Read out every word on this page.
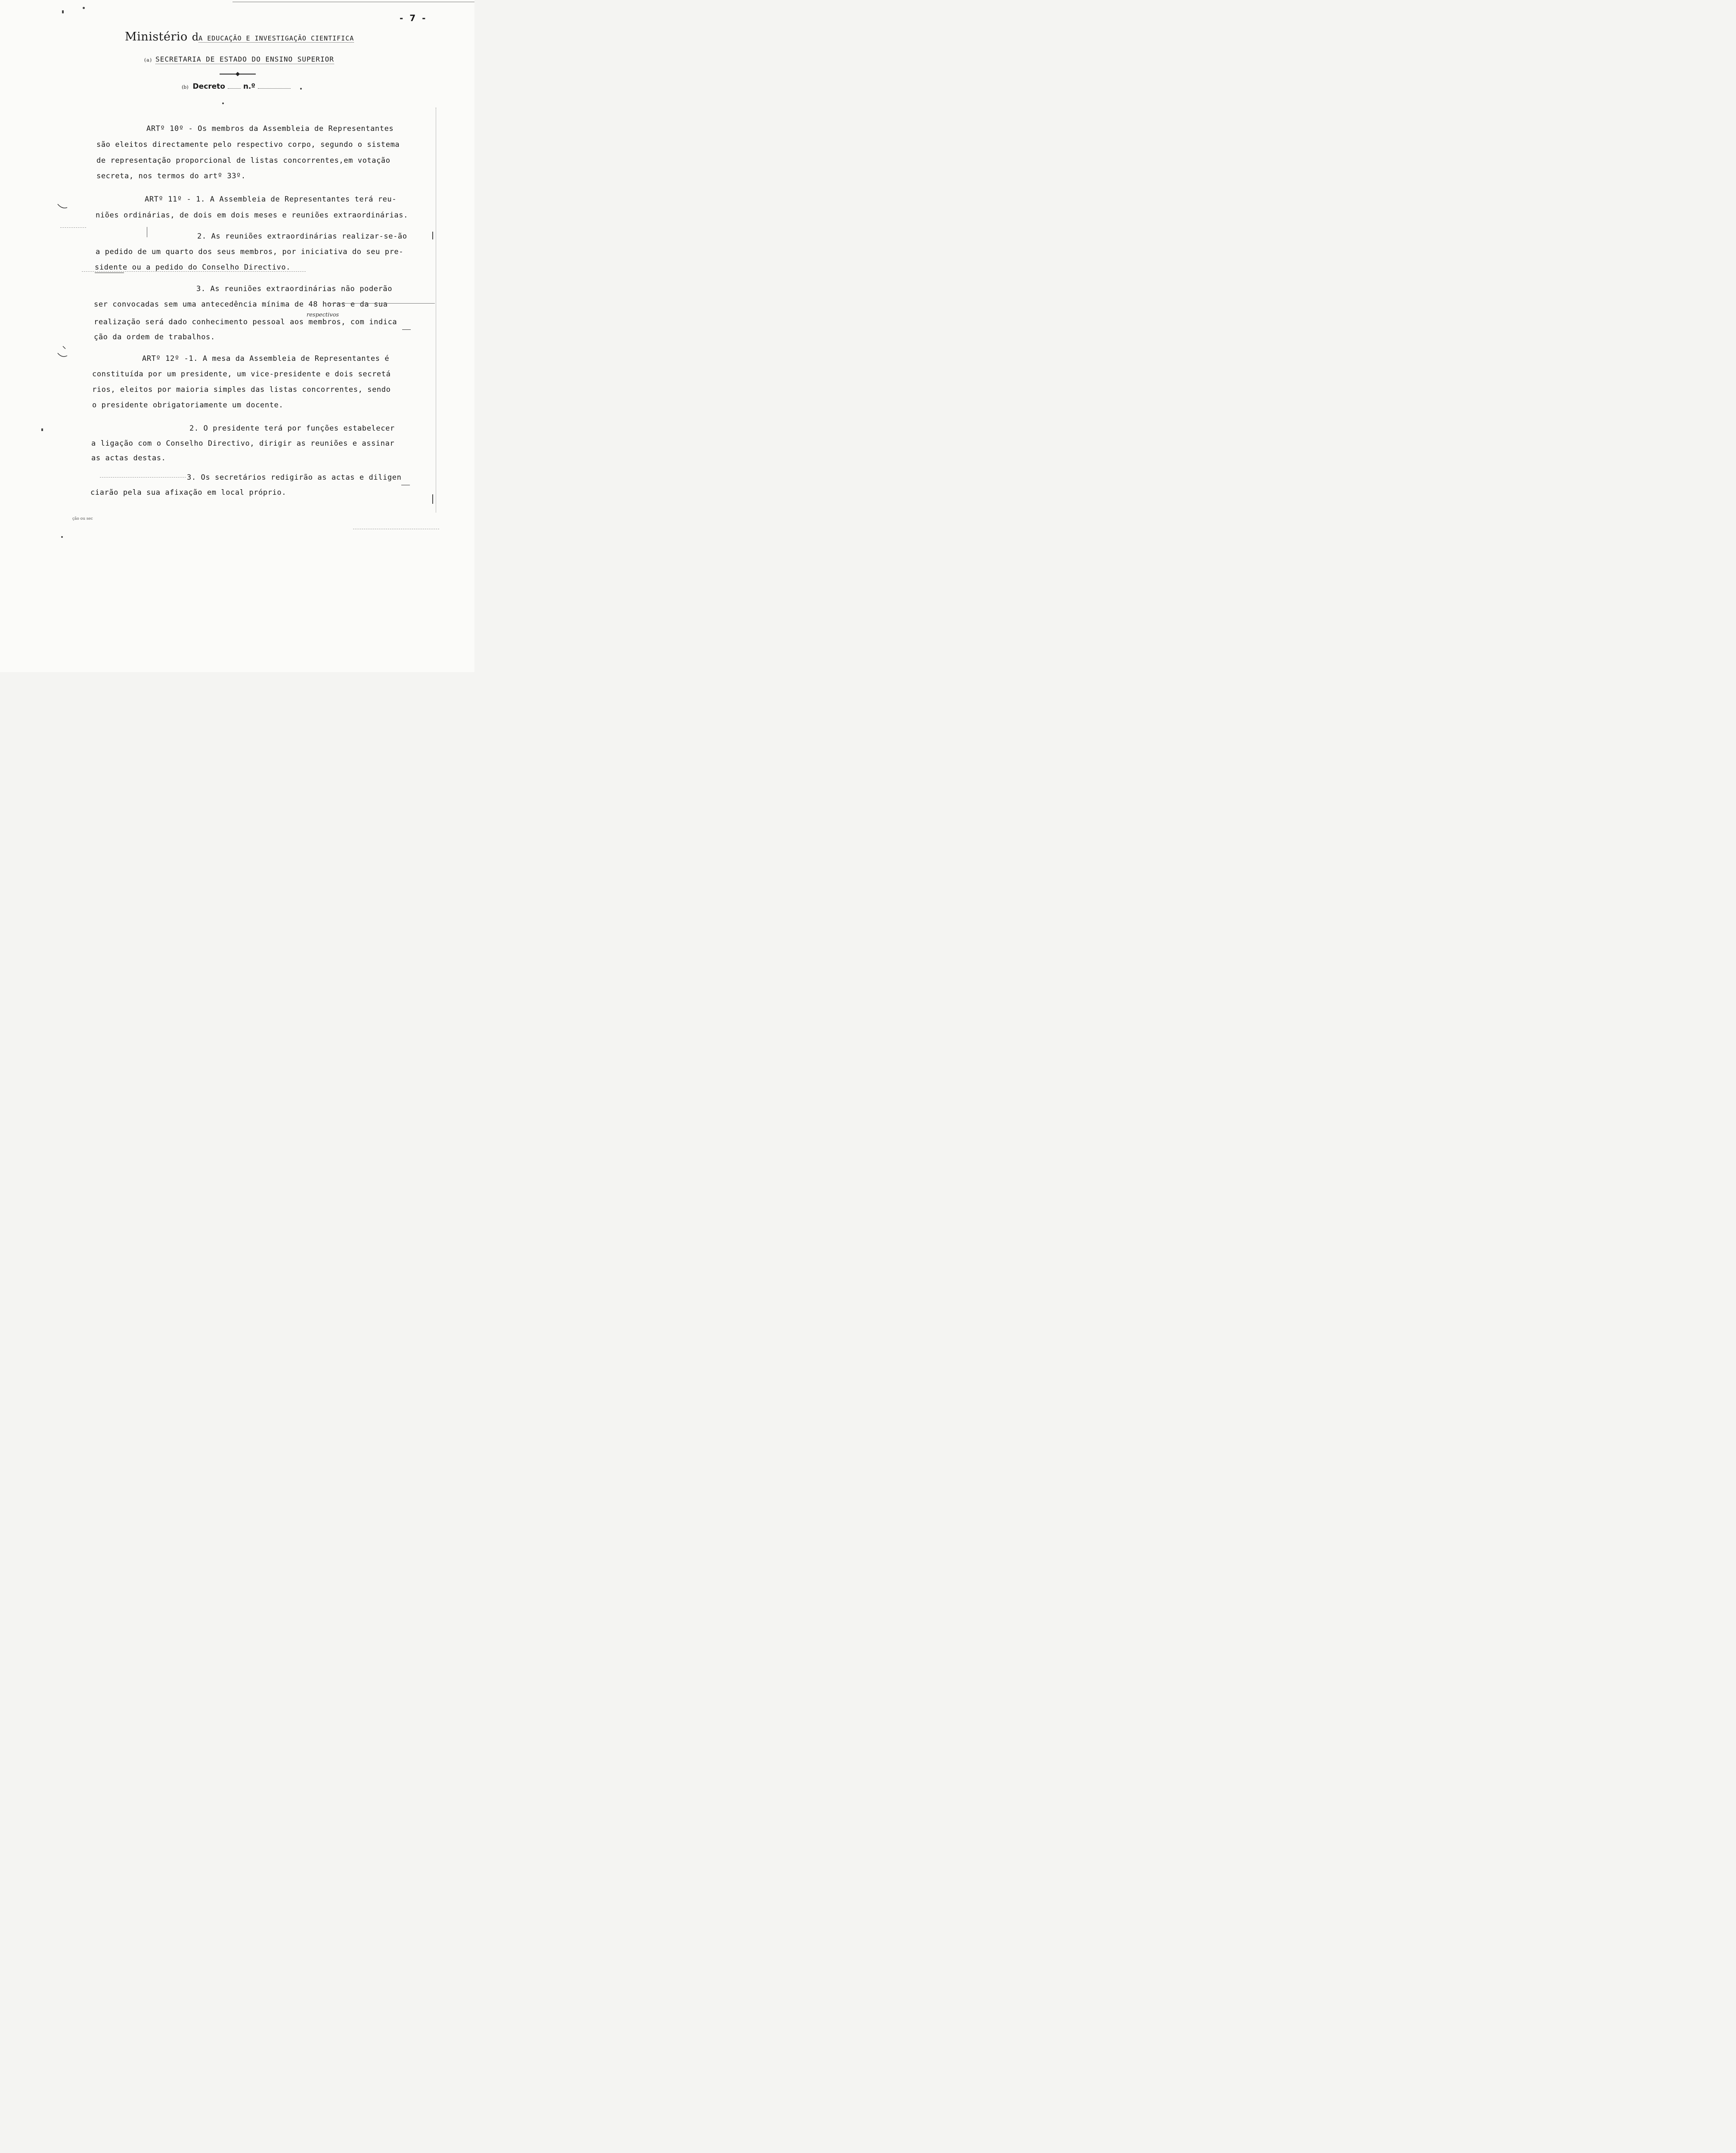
- 7 -
Ministério dA EDUCAÇÃO E INVESTIGAÇÃO CIENTIFICA
(a) SECRETARIA DE ESTADO DO ENSINO SUPERIOR
(b) Decreto n.º
ARTº 10º - Os membros da Assembleia de Representantes
são eleitos directamente pelo respectivo corpo, segundo o sistema
de representação proporcional de listas concorrentes,em votação
secreta, nos termos do artº 33º.
ARTº 11º - 1. A Assembleia de Representantes terá reu-
niões ordinárias, de dois em dois meses e reuniões extraordinárias.
2. As reuniões extraordinárias realizar-se-ão
a pedido de um quarto dos seus membros, por iniciativa do seu pre-
sidente ou a pedido do Conselho Directivo.
3. As reuniões extraordinárias não poderão
ser convocadas sem uma antecedência mínima de 48 horas e da sua
respectivos
realização será dado conhecimento pessoal aos membros, com indica
ção da ordem de trabalhos.
ARTº 12º -1. A mesa da Assembleia de Representantes é
constituída por um presidente, um vice-presidente e dois secretá
rios, eleitos por maioria simples das listas concorrentes, sendo
o presidente obrigatoriamente um docente.
2. O presidente terá por funções estabelecer
a ligação com o Conselho Directivo, dirigir as reuniões e assinar
as actas destas.
3. Os secretários redigirão as actas e diligen
ciarão pela sua afixação em local próprio.
ção ou sec
